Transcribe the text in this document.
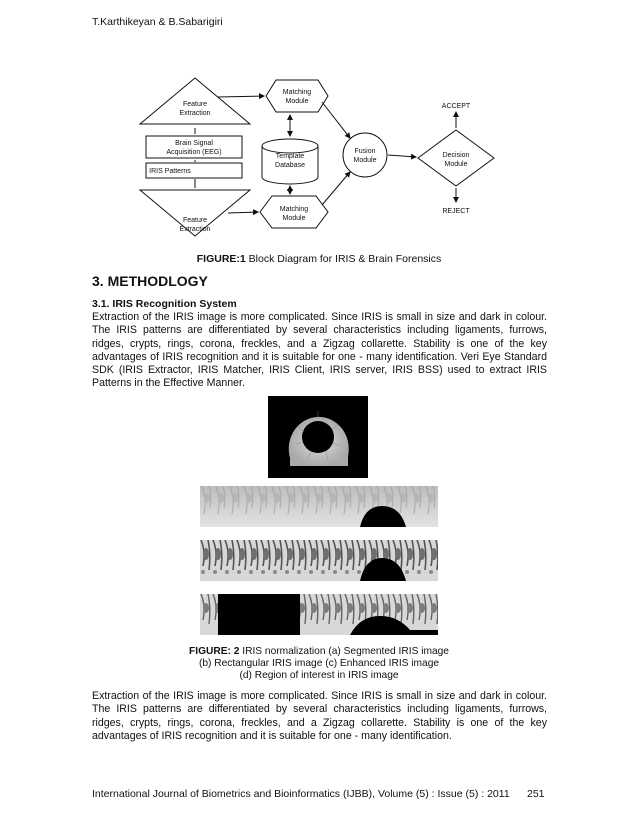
T.Karthikeyan & B.Sabarigiri
Feature
Extraction
Matching
Module
Brain Signal
Acquisition (EEG)
IRIS Patterns
Template
Database
Fusion
Module
Decision
Module
ACCEPT
REJECT
Feature
Extraction
Matching
Module
FIGURE:1 Block Diagram for IRIS & Brain Forensics
3. METHODLOGY
3.1. IRIS Recognition System
Extraction of the IRIS image is more complicated. Since IRIS is small in size and dark in colour. The IRIS patterns are differentiated by several characteristics including ligaments, furrows, ridges, crypts, rings, corona, freckles, and a Zigzag collarette. Stability is one of the key advantages of IRIS recognition and it is suitable for one - many identification. Veri Eye Standard SDK (IRIS Extractor, IRIS Matcher, IRIS Client, IRIS server, IRIS BSS) used to extract IRIS Patterns in the Effective Manner.
FIGURE: 2 IRIS normalization (a) Segmented IRIS image
(b) Rectangular IRIS image (c) Enhanced IRIS image
(d) Region of interest in IRIS image
Extraction of the IRIS image is more complicated. Since IRIS is small in size and dark in colour. The IRIS patterns are differentiated by several characteristics including ligaments, furrows, ridges, crypts, rings, corona, freckles, and a Zigzag collarette. Stability is one of the key advantages of IRIS recognition and it is suitable for one - many identification.
International Journal of Biometrics and Bioinformatics (IJBB), Volume (5) : Issue (5) : 2011 251
